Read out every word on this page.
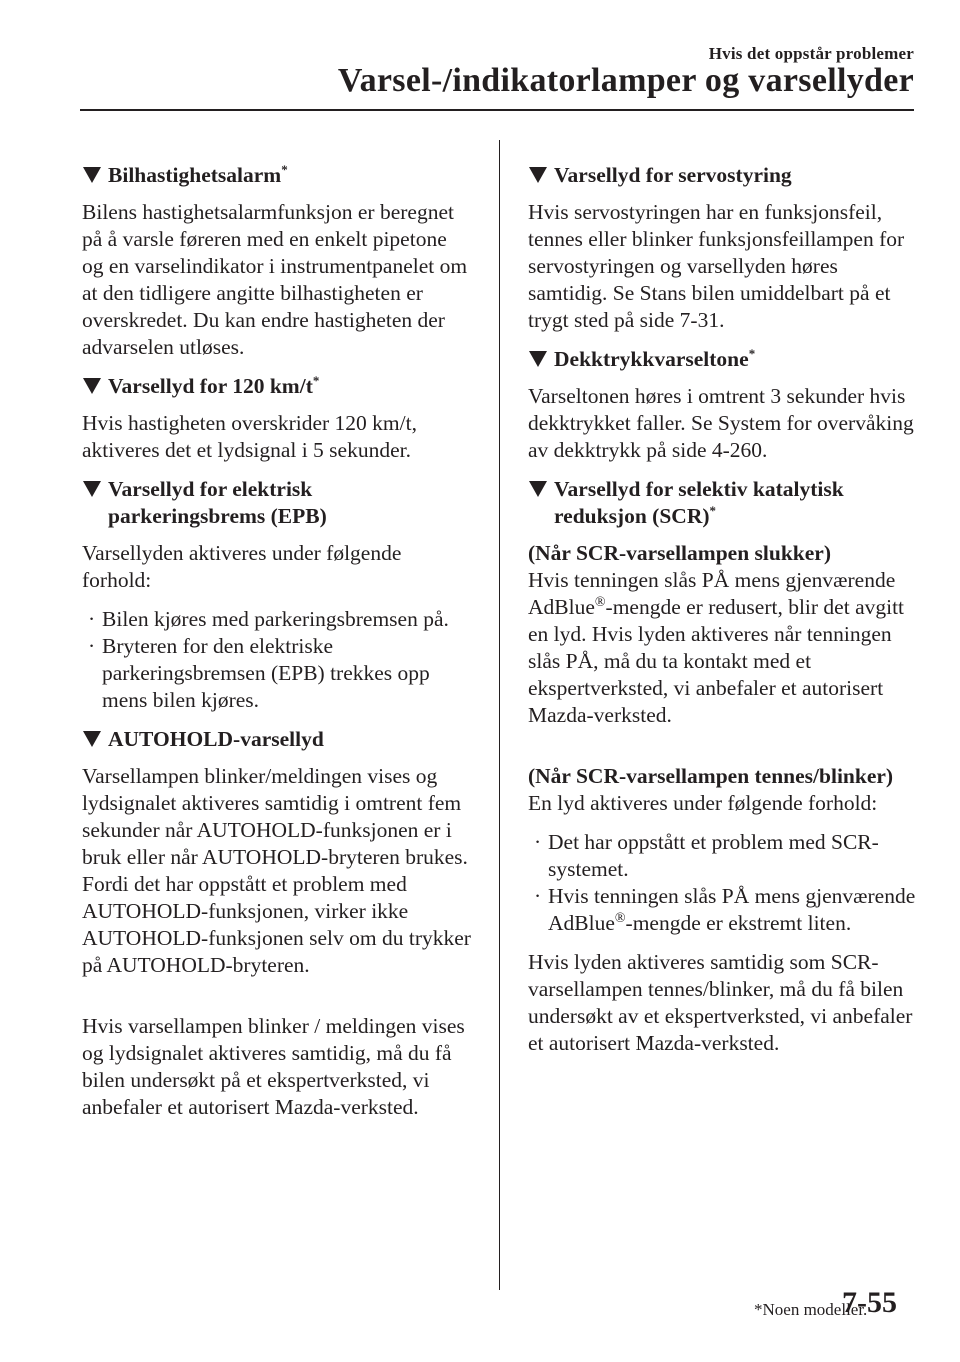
Hvis det oppstår problemer
Varsel-/indikatorlamper og varsellyder
Bilhastighetsalarm*

Bilens hastighetsalarmfunksjon er beregnet på å varsle føreren med en enkelt pipetone og en varselindikator i instrumentpanelet om at den tidligere angitte bilhastigheten er overskredet. Du kan endre hastigheten der advarselen utløses.

Varsellyd for 120 km/t*

Hvis hastigheten overskrider 120 km/t, aktiveres det et lydsignal i 5 sekunder.

Varsellyd for elektrisk parkeringsbrems (EPB)

Varsellyden aktiveres under følgende forhold:

· Bilen kjøres med parkeringsbremsen på.
· Bryteren for den elektriske parkeringsbremsen (EPB) trekkes opp mens bilen kjøres.
AUTOHOLD-varsellyd

Varsellampen blinker/meldingen vises og lydsignalet aktiveres samtidig i omtrent fem sekunder når AUTOHOLD-funksjonen er i bruk eller når AUTOHOLD-bryteren brukes. Fordi det har oppstått et problem med AUTOHOLD-funksjonen, virker ikke AUTOHOLD-funksjonen selv om du trykker på AUTOHOLD-bryteren.

Hvis varsellampen blinker / meldingen vises og lydsignalet aktiveres samtidig, må du få bilen undersøkt på et ekspertverksted, vi anbefaler et autorisert Mazda-verksted.

Varsellyd for servostyring

Hvis servostyringen har en funksjonsfeil, tennes eller blinker funksjonsfeillampen for servostyringen og varsellyden høres samtidig. Se Stans bilen umiddelbart på et trygt sted på side 7-31.

Dekktrykkvarseltone*

Varseltonen høres i omtrent 3 sekunder hvis dekktrykket faller. Se System for overvåking av dekktrykk på side 4-260.

Varsellyd for selektiv katalytisk reduksjon (SCR)*

(Når SCR-varsellampen slukker)
Hvis tenningen slås PÅ mens gjenværende AdBlue®-mengde er redusert, blir det avgitt en lyd. Hvis lyden aktiveres når tenningen slås PÅ, må du ta kontakt med et ekspertverksted, vi anbefaler et autorisert Mazda-verksted.

(Når SCR-varsellampen tennes/blinker)
En lyd aktiveres under følgende forhold:

· Det har oppstått et problem med SCR-systemet.
· Hvis tenningen slås PÅ mens gjenværende AdBlue®-mengde er ekstremt liten.

Hvis lyden aktiveres samtidig som SCR-varsellampen tennes/blinker, må du få bilen undersøkt av et ekspertverksted, vi anbefaler et autorisert Mazda-verksted.

*Noen modeller.
7-55
